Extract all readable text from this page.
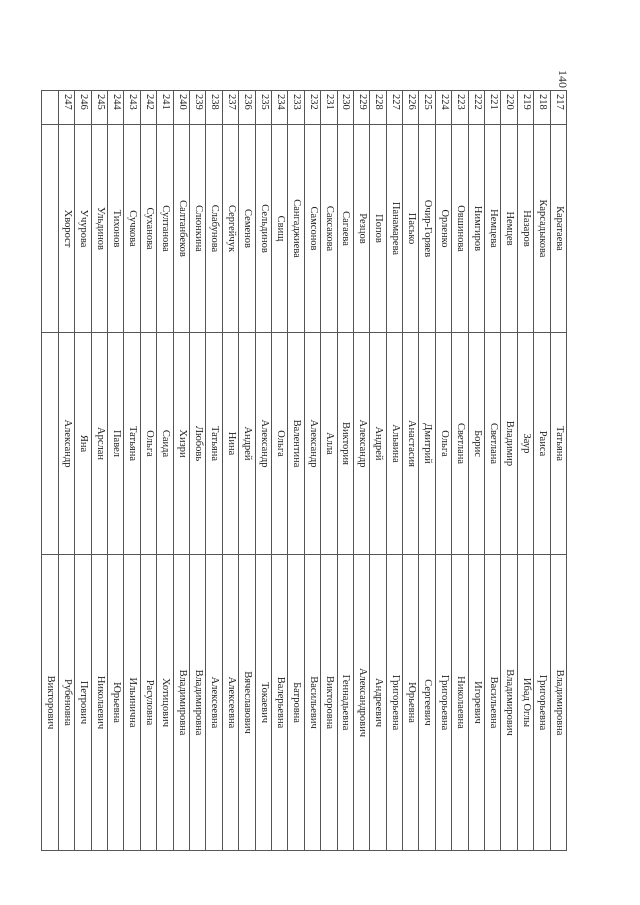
140
217	Каратаева	Татьяна	Владимировна
218	Карсадыкова	Раиса	Григорьевна
219	Назаров	Заур	Ибад Оглы
220	Немцев	Владимир	Владимирович
221	Немцева	Светлана	Васильевна
222	Нимгиров	Борис	Игоревич
223	Овшинова	Светлана	Николаевна
224	Орленко	Ольга	Григорьевна
225	Очир-Горяев	Дмитрий	Сергеевич
226	Пасько	Анастасия	Юрьевна
227	Панамарева	Альвина	Григорьевна
228	Попов	Андрей	Андреевич
229	Резцов	Александр	Александрович
230	Сагаева	Виктория	Геннадьевна
231	Саксакова	Алла	Викторовна
232	Самсонов	Александр	Васильевич
233	Сангаджиева	Валентина	Батровна
234	Свищ	Ольга	Валерьевна
235	Сельдинов	Александр	Токаевич
236	Семенов	Андрей	Вячеславович
237	Сергейчук	Нина	Алексеевна
238	Слабунова	Татьяна	Алексеевна
239	Слюнкина	Любовь	Владимировна
240	Салтанбеков	Хизри	Владимировна
241	Султанова	Саида	Хотицович
242	Суханова	Ольга	Расуловна
243	Сучкова	Татьяна	Ильинична
244	Тихонов	Павел	Юрьевна
245	Ульдинов	Арслан	Николаевич
246	Учурова	Яна	Петрович
247	Хворост	Александр	Рубеновна
			Викторович
